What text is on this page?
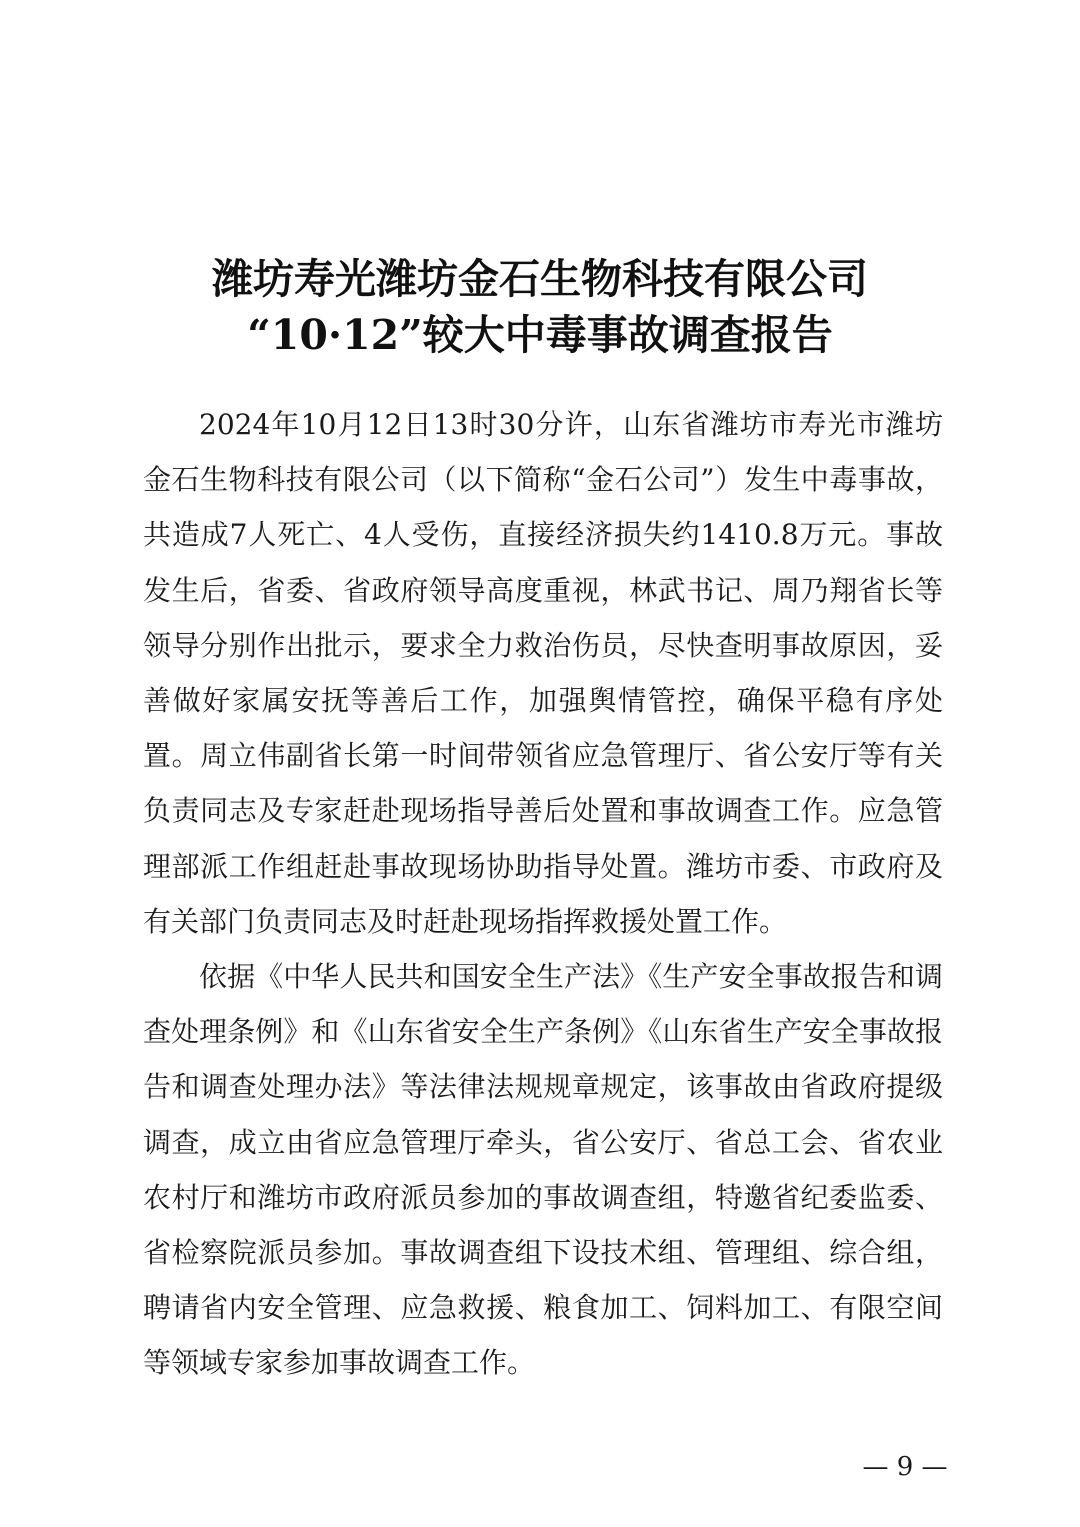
潍坊寿光潍坊金石生物科技有限公司
“10·12”较大中毒事故调查报告

2024年10月12日13时30分许，山东省潍坊市寿光市潍坊金石生物科技有限公司（以下简称“金石公司”）发生中毒事故，共造成7人死亡、4人受伤，直接经济损失约1410.8万元。事故发生后，省委、省政府领导高度重视，林武书记、周乃翔省长等领导分别作出批示，要求全力救治伤员，尽快查明事故原因，妥善做好家属安抚等善后工作，加强舆情管控，确保平稳有序处置。周立伟副省长第一时间带领省应急管理厅、省公安厅等有关负责同志及专家赶赴现场指导善后处置和事故调查工作。应急管理部派工作组赶赴事故现场协助指导处置。潍坊市委、市政府及有关部门负责同志及时赶赴现场指挥救援处置工作。

依据《中华人民共和国安全生产法》《生产安全事故报告和调查处理条例》和《山东省安全生产条例》《山东省生产安全事故报告和调查处理办法》等法律法规规章规定，该事故由省政府提级调查，成立由省应急管理厅牵头，省公安厅、省总工会、省农业农村厅和潍坊市政府派员参加的事故调查组，特邀省纪委监委、省检察院派员参加。事故调查组下设技术组、管理组、综合组，聘请省内安全管理、应急救援、粮食加工、饲料加工、有限空间等领域专家参加事故调查工作。

— 9 —
